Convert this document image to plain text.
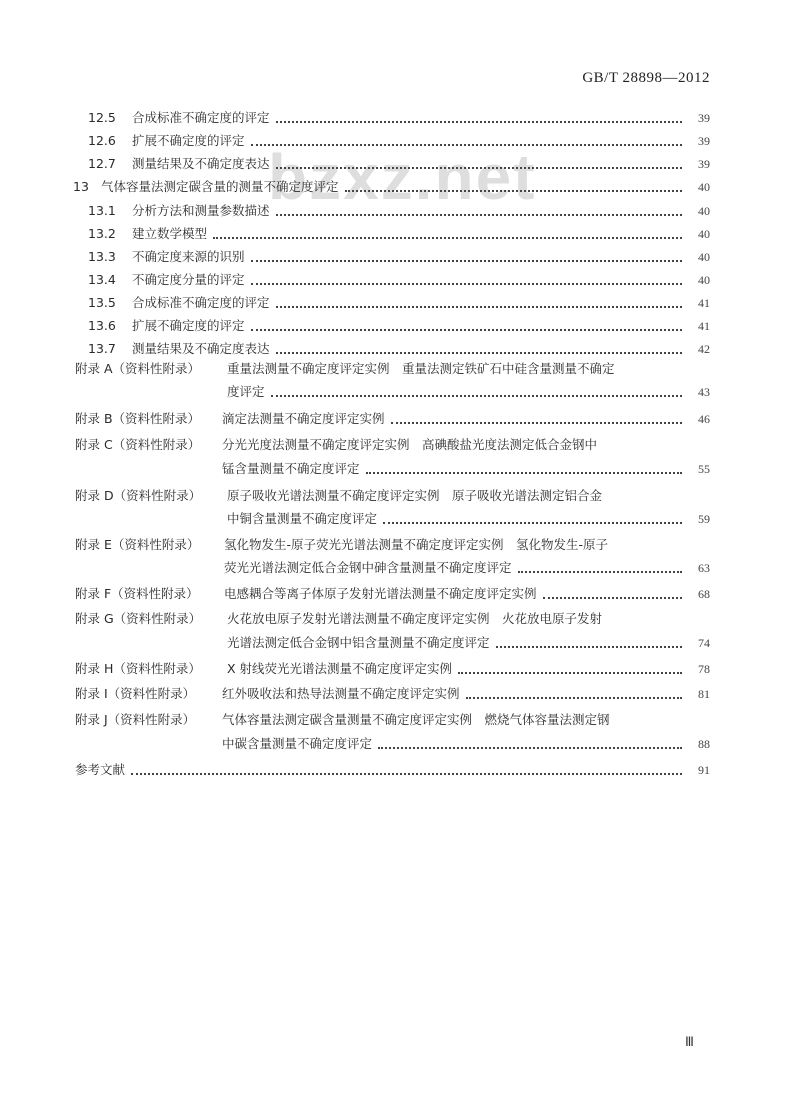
GB/T 28898—2012
bzxz.net
12.5	合成标准不确定度的评定	39
12.6	扩展不确定度的评定	39
12.7	测量结果及不确定度表达	39
13 气体容量法测定碳含量的测量不确定度评定	40
13.1	分析方法和测量参数描述	40
13.2	建立数学模型	40
13.3	不确定度来源的识别	40
13.4	不确定度分量的评定	40
13.5	合成标准不确定度的评定	41
13.6	扩展不确定度的评定	41
13.7	测量结果及不确定度表达	42
附录 A（资料性附录） 重量法测量不确定度评定实例　重量法测定铁矿石中硅含量测量不确定
度评定	43
附录 B（资料性附录） 滴定法测量不确定度评定实例	46
附录 C（资料性附录） 分光光度法测量不确定度评定实例　高碘酸盐光度法测定低合金钢中
锰含量测量不确定度评定	55
附录 D（资料性附录） 原子吸收光谱法测量不确定度评定实例　原子吸收光谱法测定铝合金
中铜含量测量不确定度评定	59
附录 E（资料性附录） 氢化物发生-原子荧光光谱法测量不确定度评定实例　氢化物发生-原子
荧光光谱法测定低合金钢中砷含量测量不确定度评定	63
附录 F（资料性附录） 电感耦合等离子体原子发射光谱法测量不确定度评定实例	68
附录 G（资料性附录） 火花放电原子发射光谱法测量不确定度评定实例　火花放电原子发射
光谱法测定低合金钢中铝含量测量不确定度评定	74
附录 H（资料性附录） X 射线荧光光谱法测量不确定度评定实例	78
附录 I（资料性附录） 红外吸收法和热导法测量不确定度评定实例	81
附录 J（资料性附录） 气体容量法测定碳含量测量不确定度评定实例　燃烧气体容量法测定钢
中碳含量测量不确定度评定	88
参考文献	91
Ⅲ
